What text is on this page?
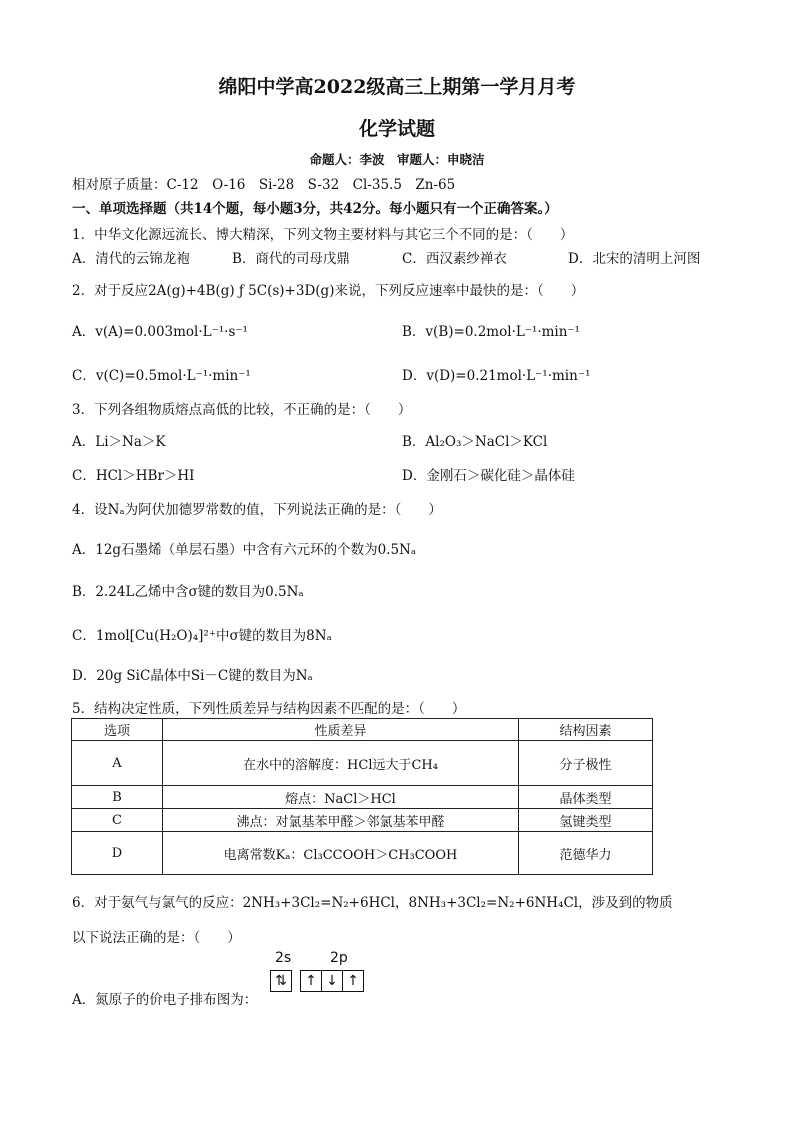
绵阳中学高2022级高三上期第一学月月考
化学试题
命题人：李波　审题人：申晓洁
相对原子质量：C-12　O-16　Si-28　S-32　Cl-35.5　Zn-65
一、单项选择题（共14个题，每小题3分，共42分。每小题只有一个正确答案。）
1．中华文化源远流长、博大精深，下列文物主要材料与其它三个不同的是：（　　）
A．清代的云锦龙袍	B．商代的司母戊鼎	C．西汉素纱禅衣	D．北宋的清明上河图
2．对于反应2A(g)+4B(g) ƒ 5C(s)+3D(g)来说，下列反应速率中最快的是：（　　）
A．v(A)=0.003mol·L⁻¹·s⁻¹	B．v(B)=0.2mol·L⁻¹·min⁻¹
C．v(C)=0.5mol·L⁻¹·min⁻¹	D．v(D)=0.21mol·L⁻¹·min⁻¹
3．下列各组物质熔点高低的比较，不正确的是：（　　）
A．Li＞Na＞K	B．Al₂O₃＞NaCl＞KCl
C．HCl＞HBr＞HI	D．金刚石＞碳化硅＞晶体硅
4．设Nₐ为阿伏加德罗常数的值，下列说法正确的是：（　　）
A．12g石墨烯（单层石墨）中含有六元环的个数为0.5Nₐ
B．2.24L乙烯中含σ键的数目为0.5Nₐ
C．1mol[Cu(H₂O)₄]²⁺中σ键的数目为8Nₐ
D．20g SiC晶体中Si－C键的数目为Nₐ
5．结构决定性质，下列性质差异与结构因素不匹配的是：（　　）
选项	性质差异	结构因素
A	在水中的溶解度：HCl远大于CH₄	分子极性
B	熔点：NaCl＞HCl	晶体类型
C	沸点：对氯基苯甲醛＞邻氯基苯甲醛	氢键类型
D	电离常数Kₐ：Cl₃CCOOH＞CH₃COOH	范德华力
6．对于氨气与氯气的反应：2NH₃+3Cl₂=N₂+6HCl，8NH₃+3Cl₂=N₂+6NH₄Cl，涉及到的物质
以下说法正确的是：（　　）
A．氮原子的价电子排布图为：
2s	2p
⇅ ↑ ↓ ↑
